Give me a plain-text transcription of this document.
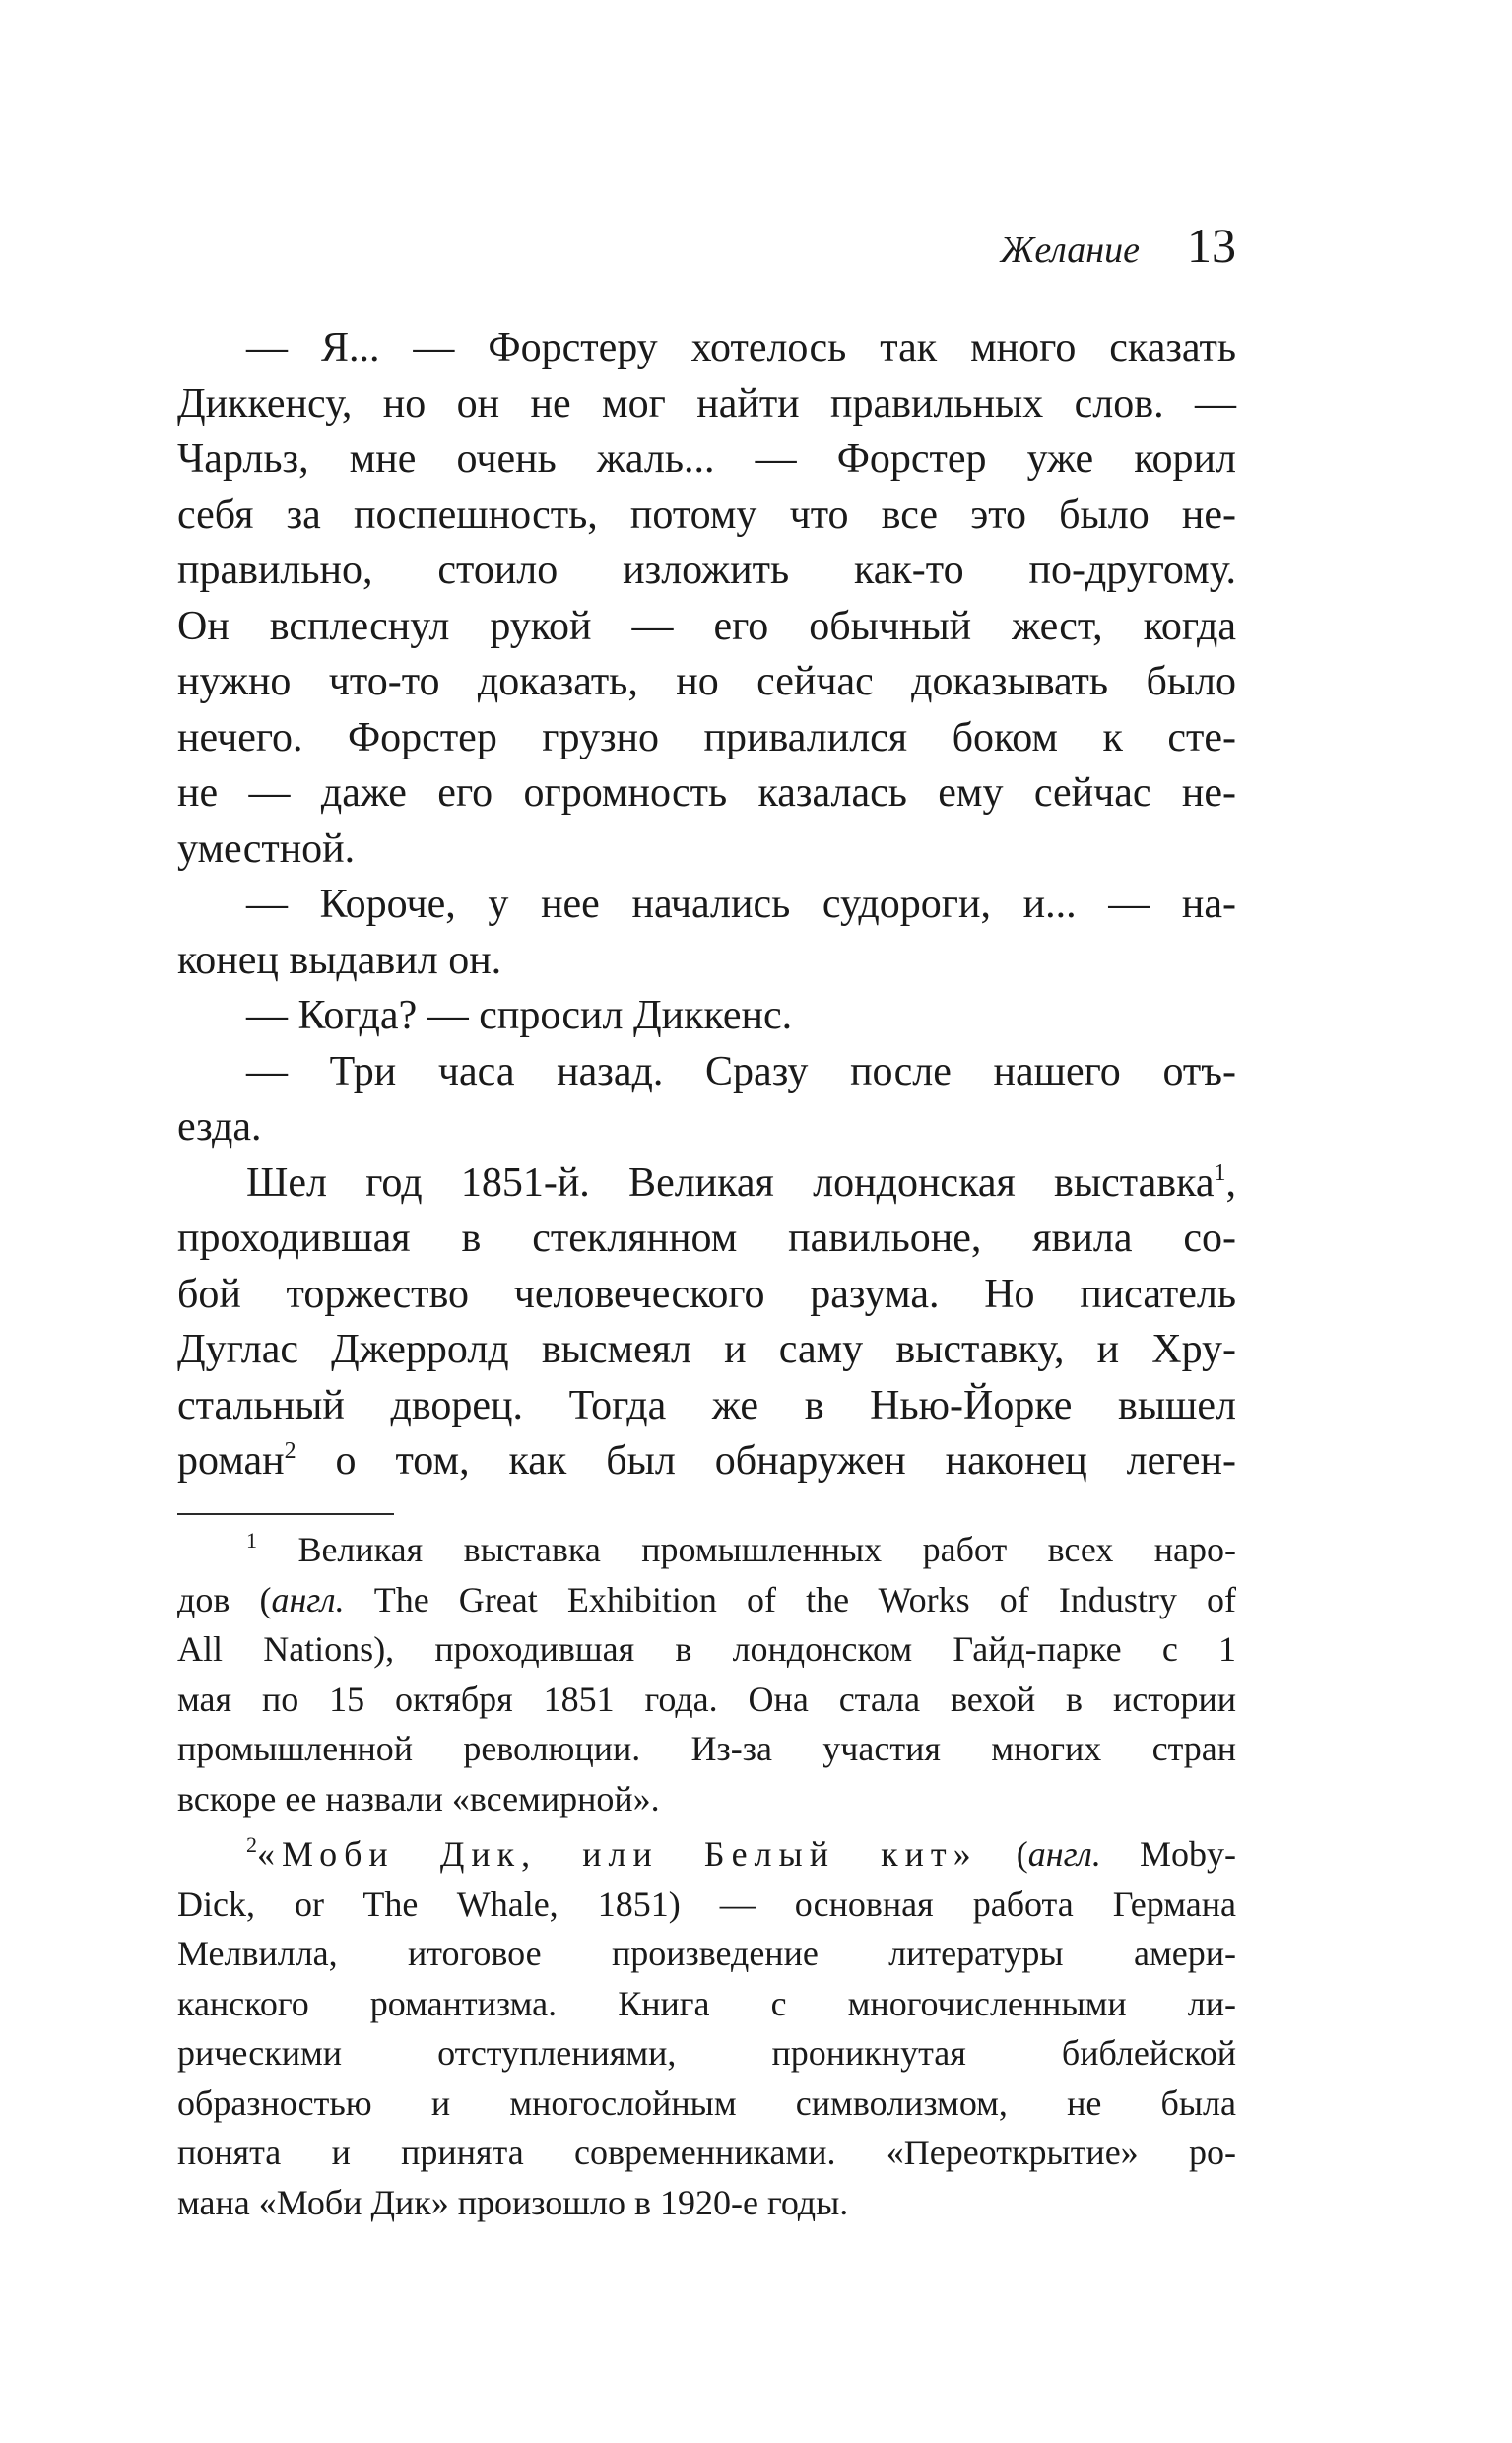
Желание 13
— Я... — Форстеру хотелось так много сказать
Диккенсу, но он не мог найти правильных слов. —
Чарльз, мне очень жаль... — Форстер уже корил
себя за поспешность, потому что все это было не-
правильно, стоило изложить как-то по-другому.
Он всплеснул рукой — его обычный жест, когда
нужно что-то доказать, но сейчас доказывать было
нечего. Форстер грузно привалился боком к сте-
не — даже его огромность казалась ему сейчас не-
уместной.
— Короче, у нее начались судороги, и... — на-
конец выдавил он.
— Когда? — спросил Диккенс.
— Три часа назад. Сразу после нашего отъ-
езда.
Шел год 1851-й. Великая лондонская выставка$^1$,
проходившая в стеклянном павильоне, явила со-
бой торжество человеческого разума. Но писатель
Дуглас Джерролд высмеял и саму выставку, и Хру-
стальный дворец. Тогда же в Нью-Йорке вышел
роман$^2$ о том, как был обнаружен наконец леген-
$^1$ Великая выставка промышленных работ всех наро-
дов (англ. The Great Exhibition of the Works of Industry of
All Nations), проходившая в лондонском Гайд-парке с 1
мая по 15 октября 1851 года. Она стала вехой в истории
промышленной революции. Из-за участия многих стран
вскоре ее назвали «всемирной».
$^2$«Моби Дик, или Белый кит» (англ. Moby-
Dick, or The Whale, 1851) — основная работа Германа
Мелвилла, итоговое произведение литературы амери-
канского романтизма. Книга с многочисленными ли-
рическими отступлениями, проникнутая библейской
образностью и многослойным символизмом, не была
понята и принята современниками. «Переоткрытие» ро-
мана «Моби Дик» произошло в 1920-е годы.
